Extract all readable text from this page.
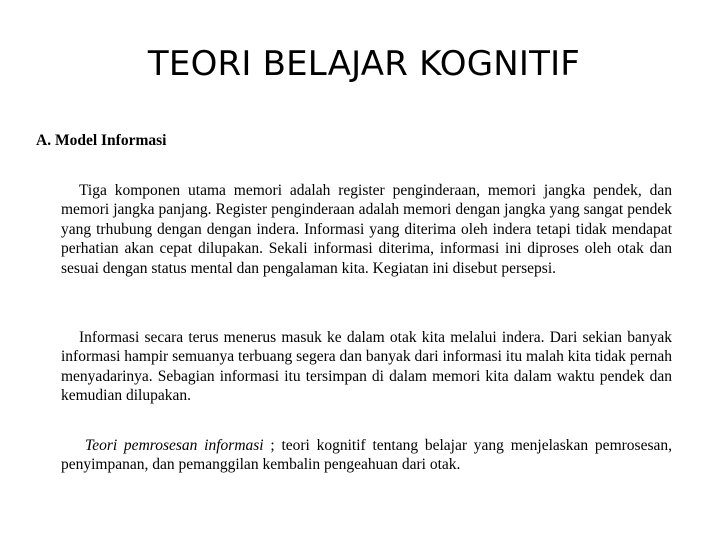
TEORI BELAJAR KOGNITIF
A. Model Informasi

Tiga komponen utama memori adalah register penginderaan, memori jangka pendek, dan memori jangka panjang. Register penginderaan adalah memori dengan jangka yang sangat pendek yang trhubung dengan dengan indera. Informasi yang diterima oleh indera tetapi tidak mendapat perhatian akan cepat dilupakan. Sekali informasi diterima, informasi ini diproses oleh otak dan sesuai dengan status mental dan pengalaman kita. Kegiatan ini disebut persepsi.

Informasi secara terus menerus masuk ke dalam otak kita melalui indera. Dari sekian banyak informasi hampir semuanya terbuang segera dan banyak dari informasi itu malah kita tidak pernah menyadarinya. Sebagian informasi itu tersimpan di dalam memori kita dalam waktu pendek dan kemudian dilupakan.

Teori pemrosesan informasi ; teori kognitif tentang belajar yang menjelaskan pemrosesan, penyimpanan, dan pemanggilan kembalin pengeahuan dari otak.
